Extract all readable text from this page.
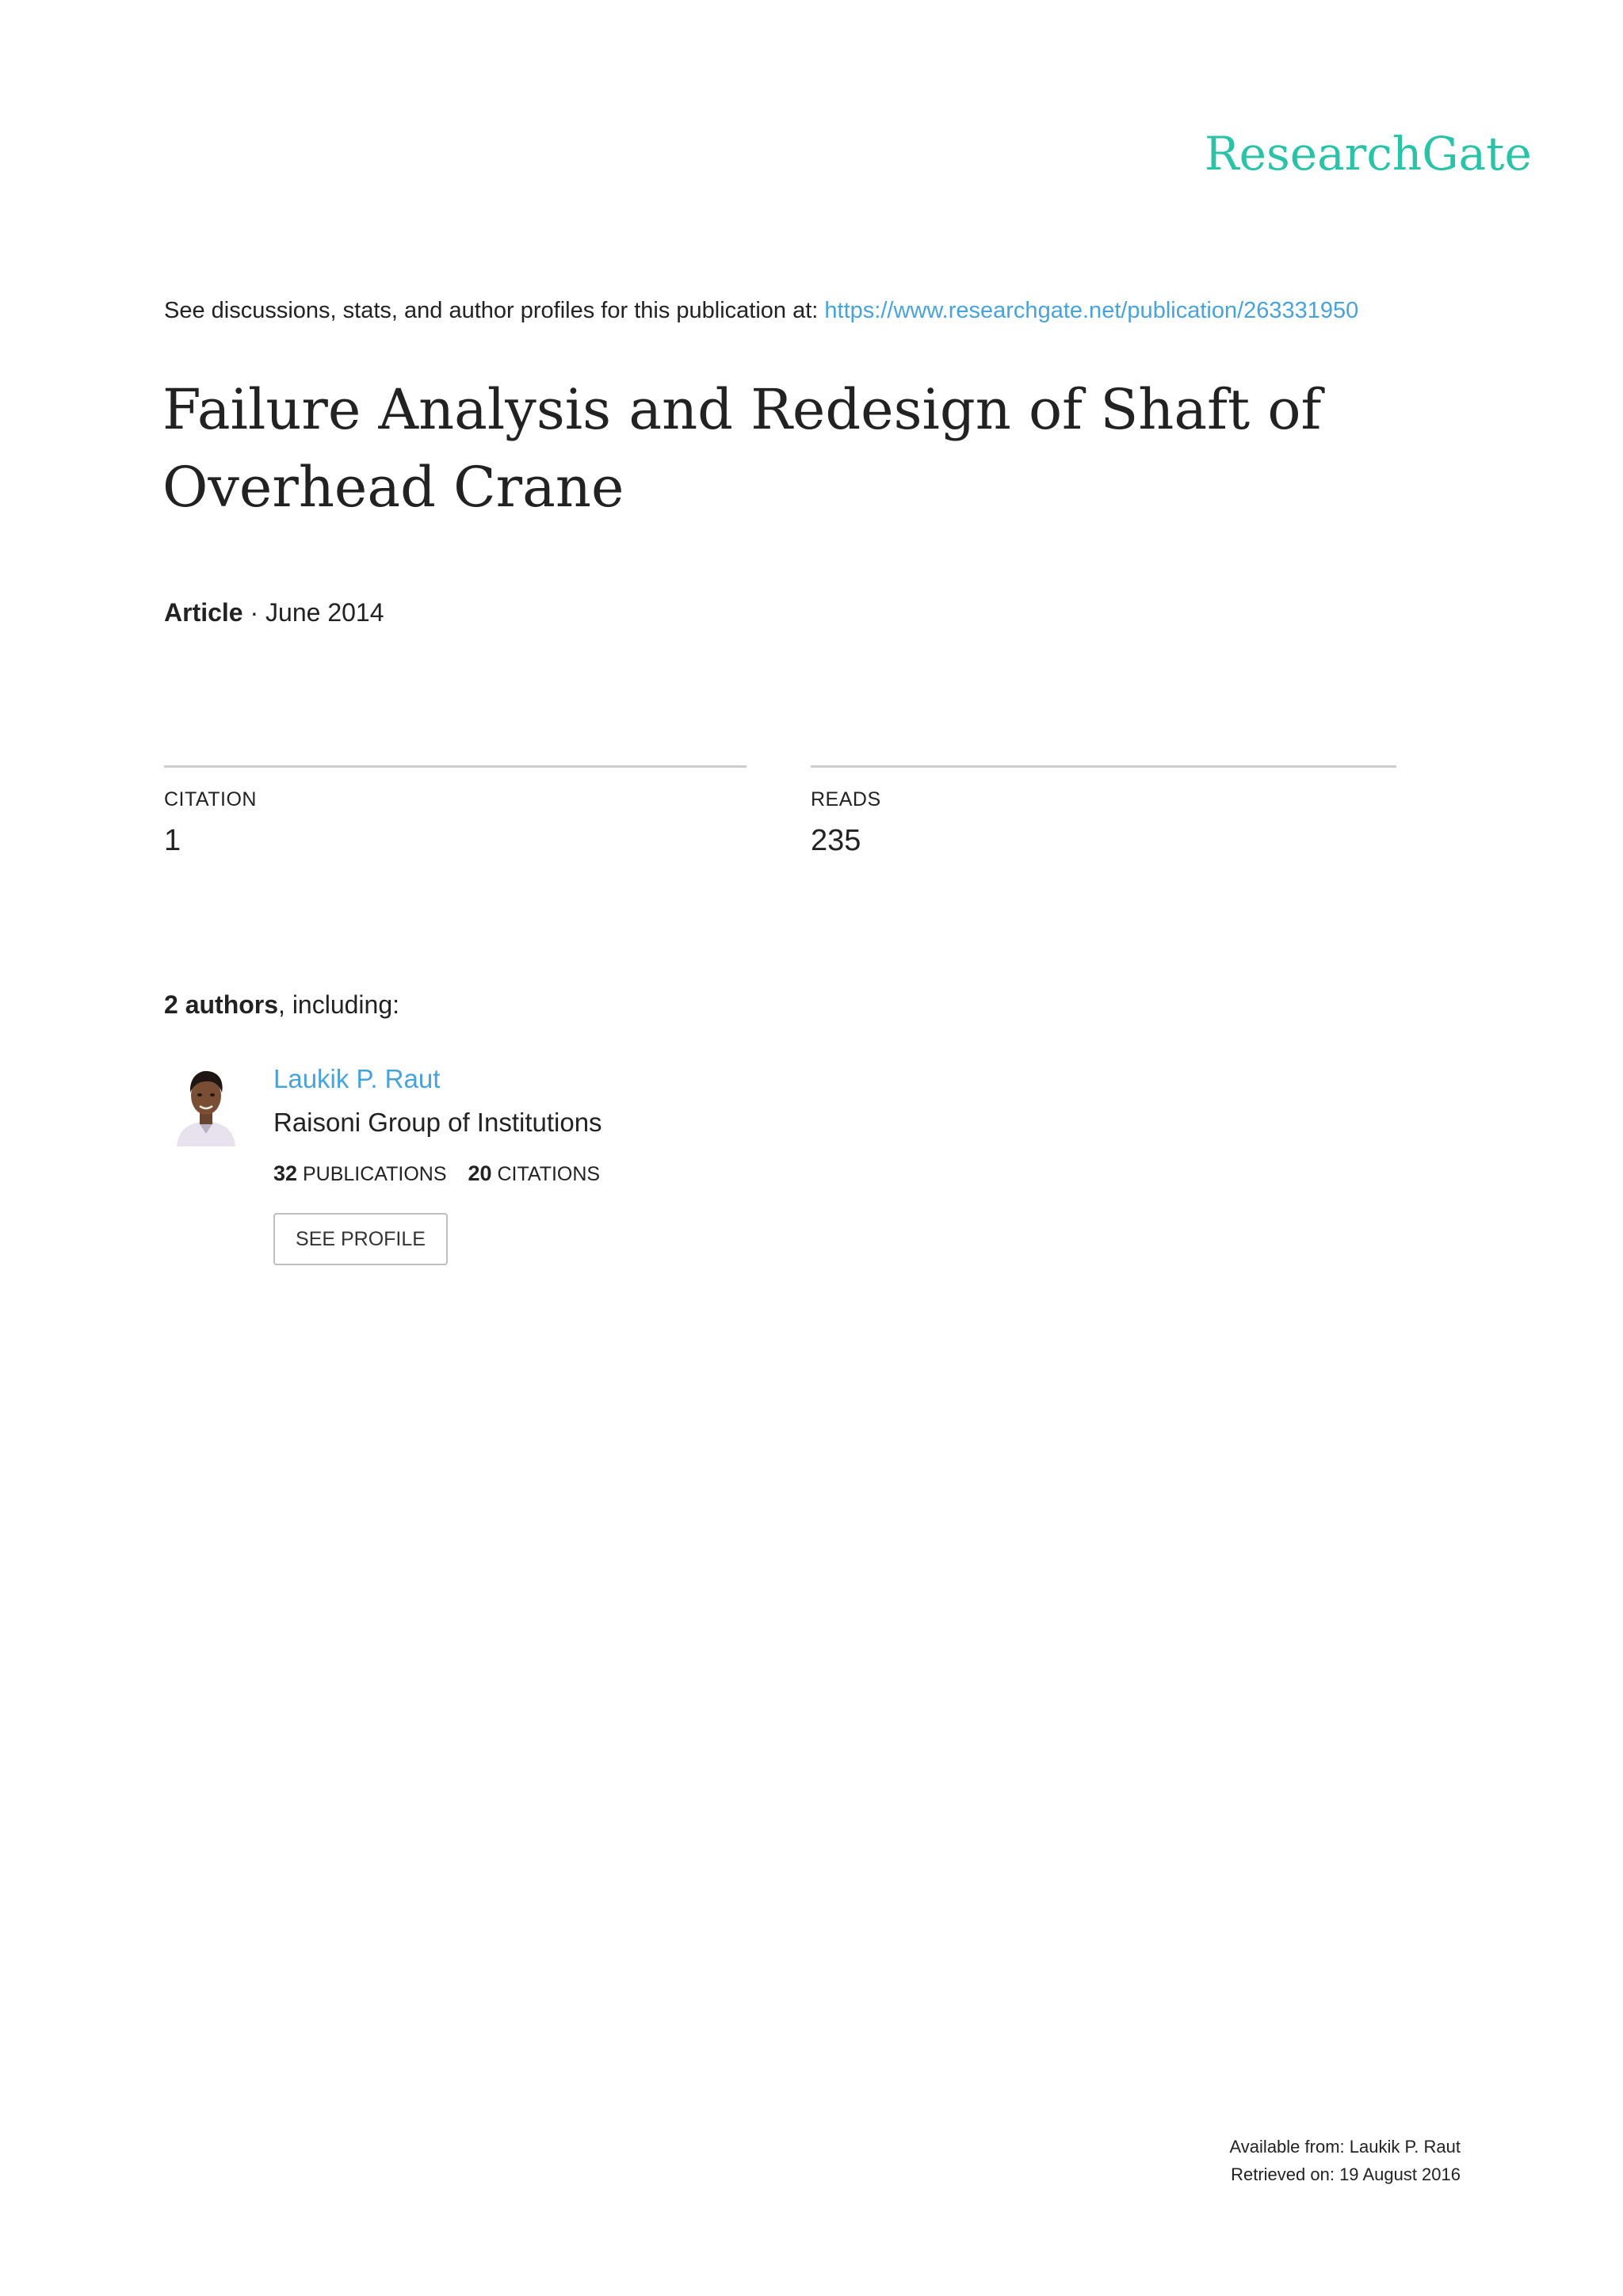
ResearchGate
See discussions, stats, and author profiles for this publication at: https://www.researchgate.net/publication/263331950
Failure Analysis and Redesign of Shaft of Overhead Crane
Article · June 2014
CITATION
1
READS
235
2 authors, including:
Laukik P. Raut
Raisoni Group of Institutions
32 PUBLICATIONS 20 CITATIONS
SEE PROFILE
Available from: Laukik P. Raut
Retrieved on: 19 August 2016
